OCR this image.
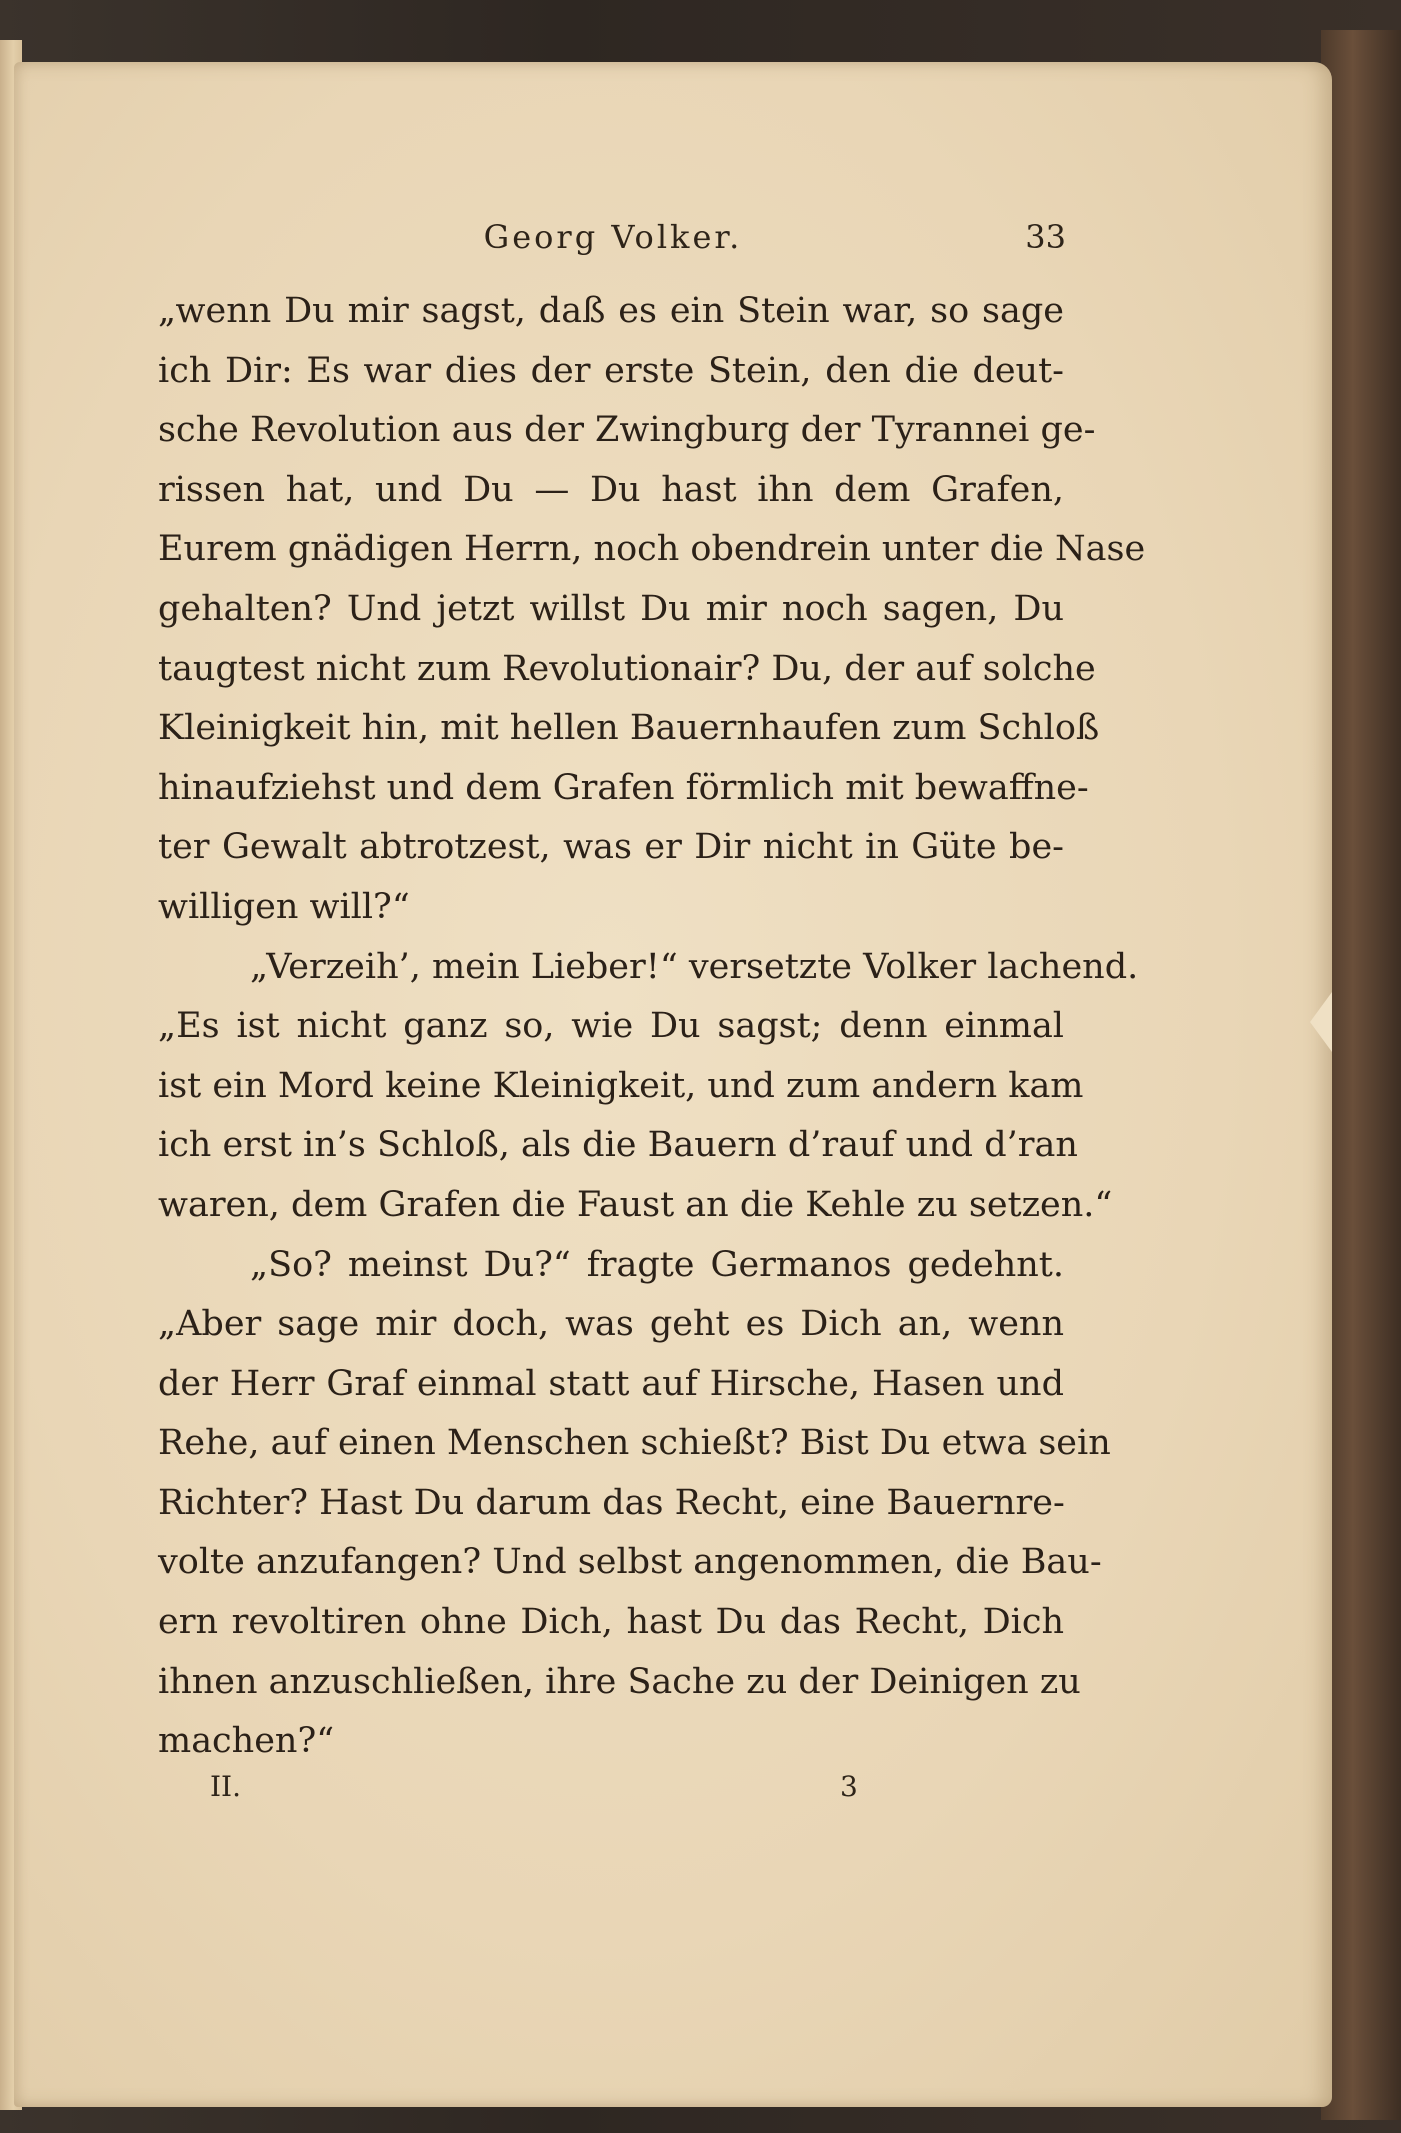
Georg Volker.	33
„wenn Du mir sagst, daß es ein Stein war, so sage
ich Dir: Es war dies der erste Stein, den die deut-
sche Revolution aus der Zwingburg der Tyrannei ge-
rissen hat, und Du — Du hast ihn dem Grafen,
Eurem gnädigen Herrn, noch obendrein unter die Nase
gehalten? Und jetzt willst Du mir noch sagen, Du
taugtest nicht zum Revolutionair? Du, der auf solche
Kleinigkeit hin, mit hellen Bauernhaufen zum Schloß
hinaufziehst und dem Grafen förmlich mit bewaffne-
ter Gewalt abtrotzest, was er Dir nicht in Güte be-
willigen will?“
„Verzeih’, mein Lieber!“ versetzte Volker lachend.
„Es ist nicht ganz so, wie Du sagst; denn einmal
ist ein Mord keine Kleinigkeit, und zum andern kam
ich erst in’s Schloß, als die Bauern d’rauf und d’ran
waren, dem Grafen die Faust an die Kehle zu setzen.“
„So? meinst Du?“ fragte Germanos gedehnt.
„Aber sage mir doch, was geht es Dich an, wenn
der Herr Graf einmal statt auf Hirsche, Hasen und
Rehe, auf einen Menschen schießt? Bist Du etwa sein
Richter? Hast Du darum das Recht, eine Bauernre-
volte anzufangen? Und selbst angenommen, die Bau-
ern revoltiren ohne Dich, hast Du das Recht, Dich
ihnen anzuschließen, ihre Sache zu der Deinigen zu
machen?“
II.	3
